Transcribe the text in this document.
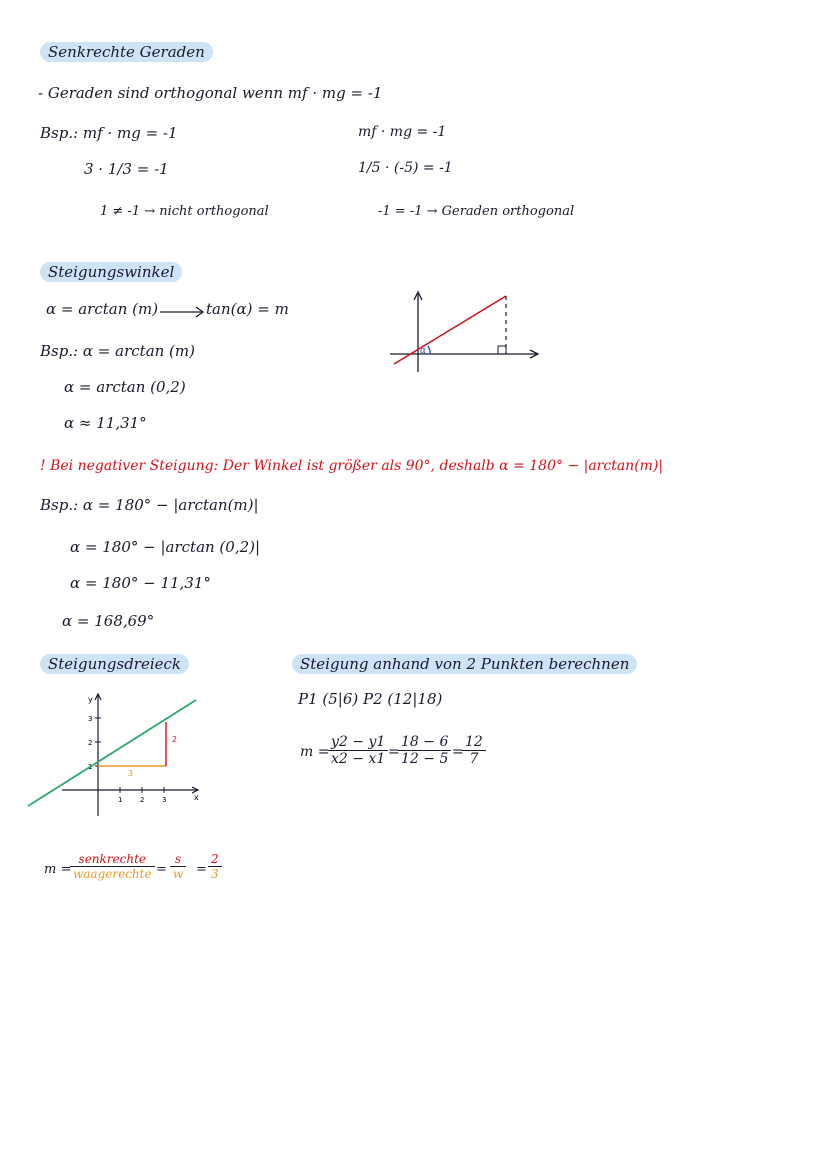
Senkrechte Geraden
- Geraden sind orthogonal wenn mf · mg = -1
Bsp.: mf · mg = -1
3 · 1/3 = -1
1 ≠ -1 → nicht orthogonal
mf · mg = -1
1/5 · (-5) = -1
-1 = -1 → Geraden orthogonal
Steigungswinkel
α = arctan (m)	tan(α) = m
Bsp.: α = arctan (m)
α = arctan (0,2)
α ≈ 11,31°
α
! Bei negativer Steigung: Der Winkel ist größer als 90°, deshalb α = 180° − |arctan(m)|
Bsp.: α = 180° − |arctan(m)|
α = 180° − |arctan (0,2)|
α = 180° − 11,31°
α = 168,69°
Steigungsdreieck
y
x
2
3
1	2	3
2
3
m =
senkrechte
waagerechte = $\frac{s}{w} = \frac{2}{3}$
Steigung anhand von 2 Punkten berechnen
P1 (5|6) P2 (12|18)
m =
$\frac{y2 - y1}{x2 - x1}$ =
$\frac{18 - 6}{12 - 5}$ =
$\frac{12}{7}$
